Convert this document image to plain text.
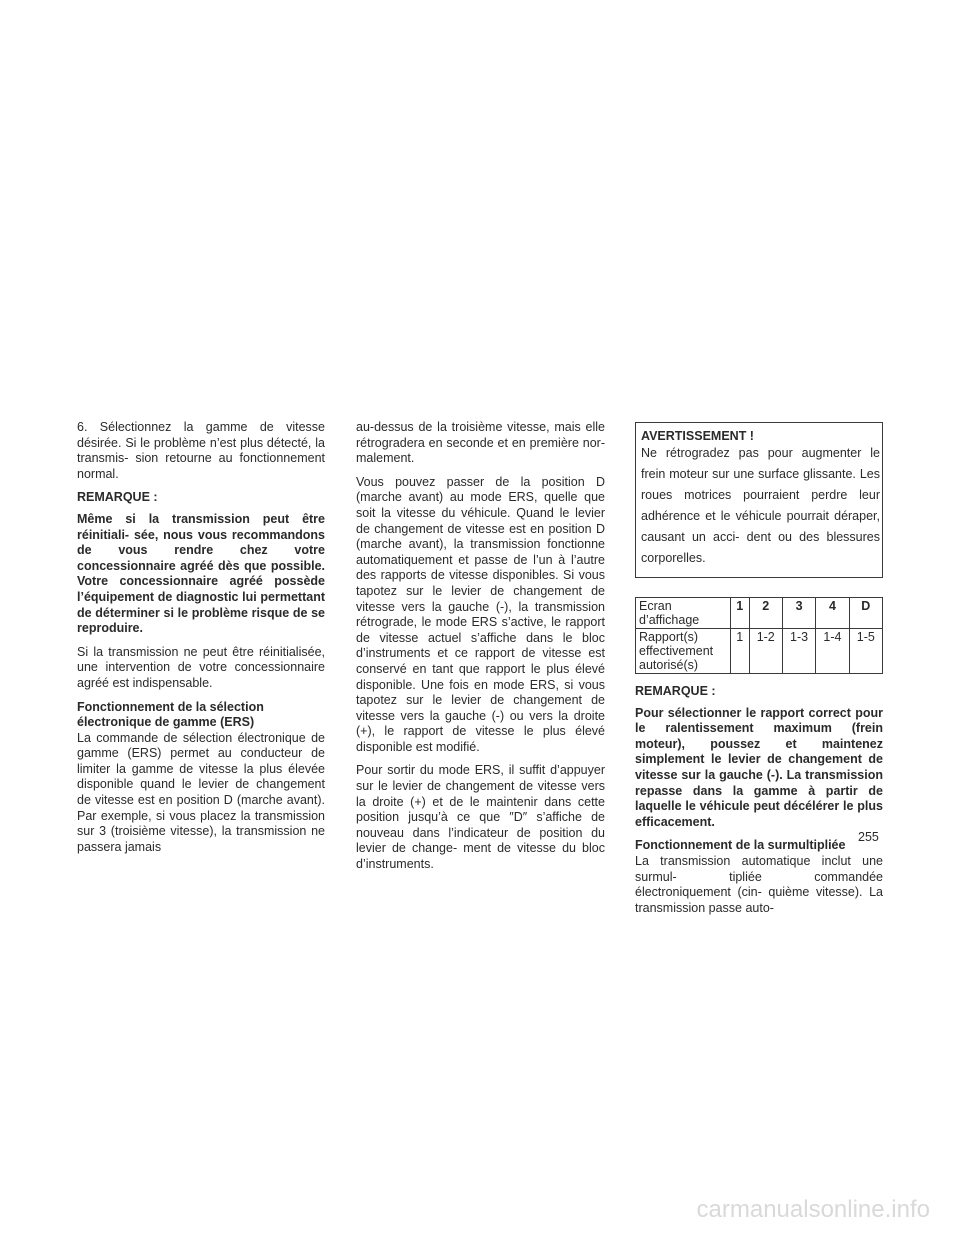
6. Sélectionnez la gamme de vitesse désirée. Si le problème n’est plus détecté, la transmis- sion retourne au fonctionnement normal.

REMARQUE :

Même si la transmission peut être réinitiali- sée, nous vous recommandons de vous rendre chez votre concessionnaire agréé dès que possible. Votre concessionnaire agréé possède l’équipement de diagnostic lui permettant de déterminer si le problème risque de se reproduire.

Si la transmission ne peut être réinitialisée, une intervention de votre concessionnaire agréé est indispensable.

Fonctionnement de la sélection
électronique de gamme (ERS)

La commande de sélection électronique de gamme (ERS) permet au conducteur de limiter la gamme de vitesse la plus élevée disponible quand le levier de changement de vitesse est en position D (marche avant). Par exemple, si vous placez la transmission sur 3 (troisième vitesse), la transmission ne passera jamais

au-dessus de la troisième vitesse, mais elle rétrogradera en seconde et en première nor- malement.

Vous pouvez passer de la position D (marche avant) au mode ERS, quelle que soit la vitesse du véhicule. Quand le levier de changement de vitesse est en position D (marche avant), la transmission fonctionne automatiquement et passe de l’un à l’autre des rapports de vitesse disponibles. Si vous tapotez sur le levier de changement de vitesse vers la gauche (-), la transmission rétrograde, le mode ERS s’active, le rapport de vitesse actuel s’affiche dans le bloc d’instruments et ce rapport de vitesse est conservé en tant que rapport le plus élevé disponible. Une fois en mode ERS, si vous tapotez sur le levier de changement de vitesse vers la gauche (-) ou vers la droite (+), le rapport de vitesse le plus élevé disponible est modifié.

Pour sortir du mode ERS, il suffit d’appuyer sur le levier de changement de vitesse vers la droite (+) et de le maintenir dans cette position jusqu’à ce que ″D″ s’affiche de nouveau dans l’indicateur de position du levier de change- ment de vitesse du bloc d’instruments.

AVERTISSEMENT !
Ne rétrogradez pas pour augmenter le frein moteur sur une surface glissante. Les roues motrices pourraient perdre leur adhérence et le véhicule pourrait déraper, causant un acci- dent ou des blessures corporelles.
Ecran d’affichage	1	2	3	4	D
Rapport(s) effectivement autorisé(s)	1	1-2	1-3	1-4	1-5

REMARQUE :

Pour sélectionner le rapport correct pour le ralentissement maximum (frein moteur), poussez et maintenez simplement le levier de changement de vitesse sur la gauche (-). La transmission repasse dans la gamme à partir de laquelle le véhicule peut décélérer le plus efficacement.

Fonctionnement de la surmultipliée

La transmission automatique inclut une surmul- tipliée commandée électroniquement (cin- quième vitesse). La transmission passe auto-

255
carmanualsonline.info
